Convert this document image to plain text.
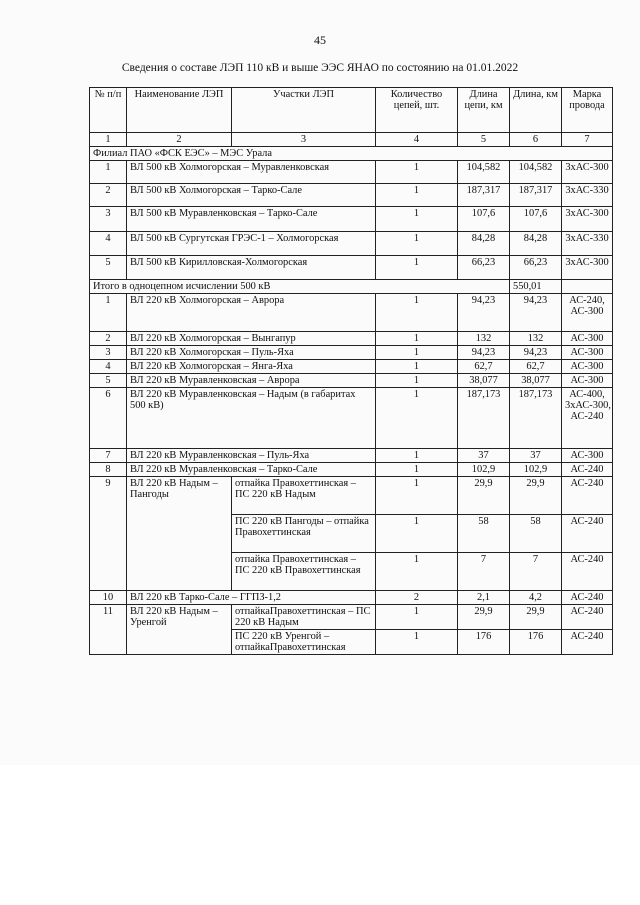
45
Сведения о составе ЛЭП 110 кВ и выше ЭЭС ЯНАО по состоянию на 01.01.2022
№ п/п	Наименование ЛЭП	Участки ЛЭП	Количество цепей, шт.	Длина цепи, км	Длина, км	Марка провода
1	2	3	4	5	6	7
Филиал ПАО «ФСК ЕЭС» – МЭС Урала						
1	ВЛ 500 кВ Холмогорская – Муравленковская		1	104,582	104,582	3хАС-300
2	ВЛ 500 кВ Холмогорская – Тарко-Сале		1	187,317	187,317	3хАС-330
3	ВЛ 500 кВ Муравленковская – Тарко-Сале		1	107,6	107,6	3хАС-300
4	ВЛ 500 кВ Сургутская ГРЭС-1 – Холмогорская		1	84,28	84,28	3хАС-330
5	ВЛ 500 кВ Кирилловская-Холмогорская		1	66,23	66,23	3хАС-300
Итого в одноцепном исчислении 500 кВ					550,01	
1	ВЛ 220 кВ Холмогорская – Аврора		1	94,23	94,23	АС-240, АС-300
2	ВЛ 220 кВ Холмогорская – Вынгапур		1	132	132	АС-300
3	ВЛ 220 кВ Холмогорская – Пуль-Яха		1	94,23	94,23	АС-300
4	ВЛ 220 кВ Холмогорская – Янга-Яха		1	62,7	62,7	АС-300
5	ВЛ 220 кВ Муравленковская – Аврора		1	38,077	38,077	АС-300
6	ВЛ 220 кВ Муравленковская – Надым (в габаритах 500 кВ)		1	187,173	187,173	АС-400, 3хАС-300, АС-240
7	ВЛ 220 кВ Муравленковская – Пуль-Яха		1	37	37	АС-300
8	ВЛ 220 кВ Муравленковская – Тарко-Сале		1	102,9	102,9	АС-240
9	ВЛ 220 кВ Надым – Пангоды	отпайка Правохеттинская – ПС 220 кВ Надым	1	29,9	29,9	АС-240
		ПС 220 кВ Пангоды – отпайка Правохеттинская	1	58	58	АС-240
		отпайка Правохеттинская – ПС 220 кВ Правохеттинская	1	7	7	АС-240
10	ВЛ 220 кВ Тарко-Сале – ГГПЗ-1,2		2	2,1	4,2	АС-240
11	ВЛ 220 кВ Надым – Уренгой	отпайкаПравохеттинская – ПС 220 кВ Надым	1	29,9	29,9	АС-240
		ПС 220 кВ Уренгой – отпайкаПравохеттинская	1	176	176	АС-240
